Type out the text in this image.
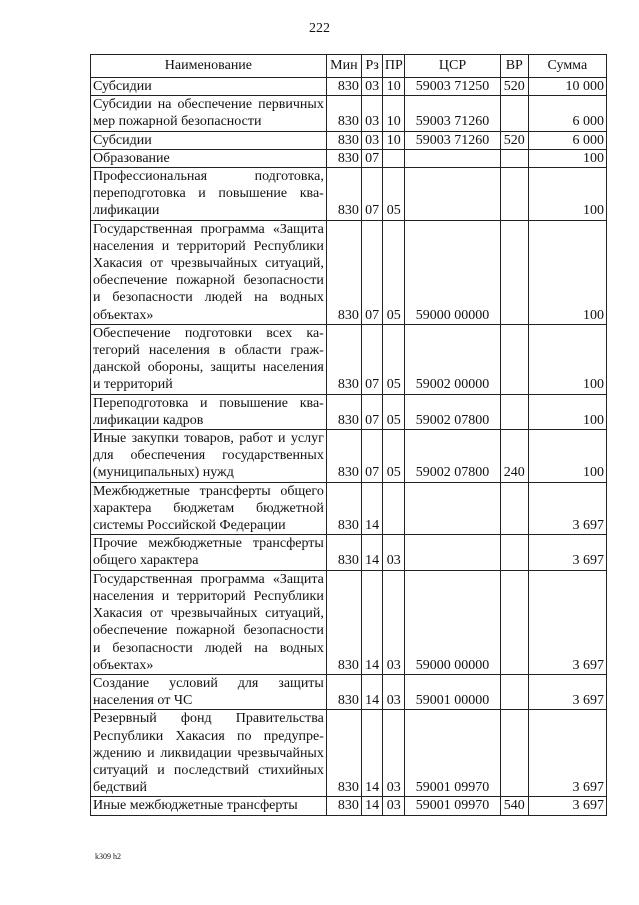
222
Наименование	Мин	Рз	ПР	ЦСР	ВР	Сумма
Субсидии	830	03	10	59003 71250	520	10 000
Субсидии на обеспечение первичных мер пожарной безопасности	830	03	10	59003 71260		6 000
Субсидии	830	03	10	59003 71260	520	6 000
Образование	830	07				100
Профессиональная подготовка, переподготовка и повышение квалификации	830	07	05			100
Государственная программа «Защита населения и территорий Республики Хакасия от чрезвычайных ситуаций, обеспечение пожарной безопасности и безопасности людей на водных объектах»	830	07	05	59000 00000		100
Обеспечение подготовки всех категорий населения в области гражданской обороны, защиты населения и территорий	830	07	05	59002 00000		100
Переподготовка и повышение квалификации кадров	830	07	05	59002 07800		100
Иные закупки товаров, работ и услуг для обеспечения государственных (муниципальных) нужд	830	07	05	59002 07800	240	100
Межбюджетные трансферты общего характера бюджетам бюджетной системы Российской Федерации	830	14				3 697
Прочие межбюджетные трансферты общего характера	830	14	03			3 697
Государственная программа «Защита населения и территорий Республики Хакасия от чрезвычайных ситуаций, обеспечение пожарной безопасности и безопасности людей на водных объектах»	830	14	03	59000 00000		3 697
Создание условий для защиты населения от ЧС	830	14	03	59001 00000		3 697
Резервный фонд Правительства Республики Хакасия по предупреждению и ликвидации чрезвычайных ситуаций и последствий стихийных бедствий	830	14	03	59001 09970		3 697
Иные межбюджетные трансферты	830	14	03	59001 09970	540	3 697
k309 h2
